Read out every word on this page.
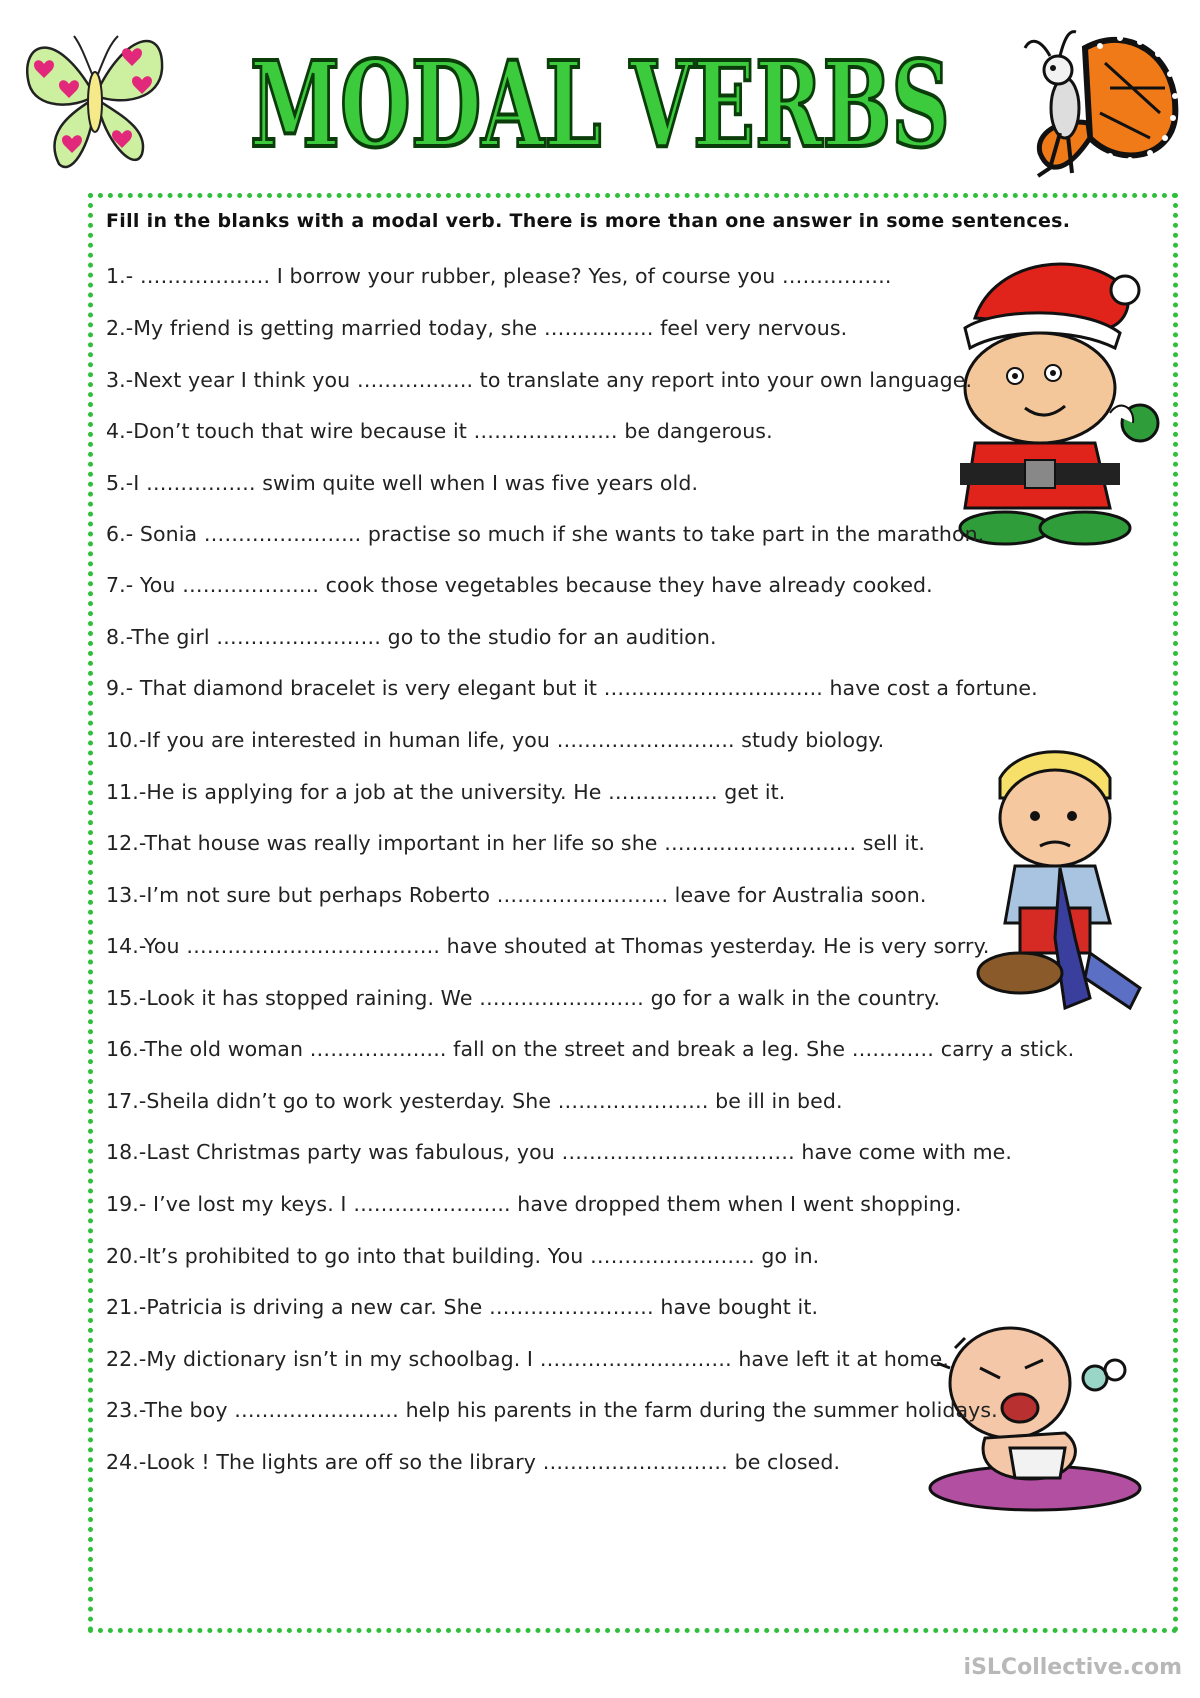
MODAL VERBS
Fill in the blanks with a modal verb. There is more than one answer in some sentences.
1.- ………………. I borrow your rubber, please? Yes, of course you …………….
2.-My friend is getting married today, she ……………. feel very nervous.
3.-Next year I think you …………….. to translate any report into your own language.
4.-Don’t touch that wire because it ………………… be dangerous.
5.-I ……………. swim quite well when I was five years old.
6.- Sonia ………………….. practise so much if she wants to take part in the marathon.
7.- You ……………….. cook those vegetables because they have already cooked.
8.-The girl …………………… go to the studio for an audition.
9.- That diamond bracelet is very elegant but it ………………………….. have cost a fortune.
10.-If you are interested in human life, you …………………….. study biology.
11.-He is applying for a job at the university. He ……………. get it.
12.-That house was really important in her life so she ………………………. sell it.
13.-I’m not sure but perhaps Roberto ……………………. leave for Australia soon.
14.-You ………………………………. have shouted at Thomas yesterday. He is very sorry.
15.-Look it has stopped raining. We …………………… go for a walk in the country.
16.-The old woman ……………….. fall on the street and break a leg. She ………… carry a stick.
17.-Sheila didn’t go to work yesterday. She …………………. be ill in bed.
18.-Last Christmas party was fabulous, you ……………………………. have come with me.
19.- I’ve lost my keys. I ………………….. have dropped them when I went shopping.
20.-It’s prohibited to go into that building. You …………………… go in.
21.-Patricia is driving a new car. She …………………… have bought it.
22.-My dictionary isn’t in my schoolbag. I ………………………. have left it at home.
23.-The boy …………………… help his parents in the farm during the summer holidays.
24.-Look ! The lights are off so the library ……………………… be closed.
iSLCollective.com
